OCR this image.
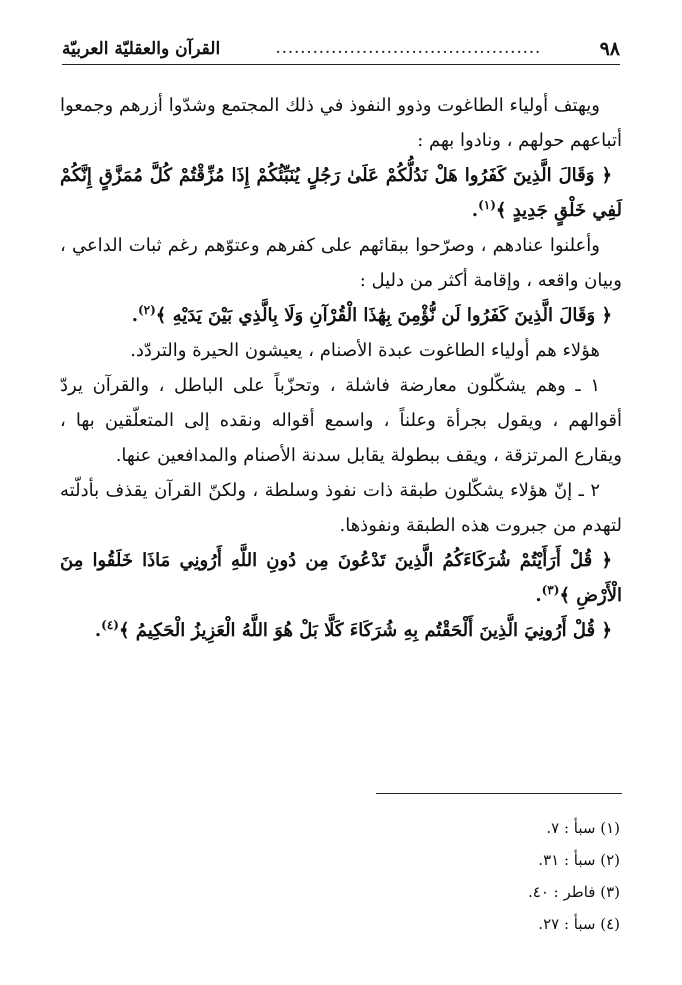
٩٨
...........................................
القرآن والعقليّة العربيّة

ويهتف أولياء الطاغوت وذوو النفوذ في ذلك المجتمع وشدّوا أزرهم وجمعوا أتباعهم حولهم ، ونادوا بهم :

﴿ وَقَالَ الَّذِينَ كَفَرُوا هَلْ نَدُلُّكُمْ عَلَىٰ رَجُلٍ يُنَبِّئُكُمْ إِذَا مُزِّقْتُمْ كُلَّ مُمَزَّقٍ إِنَّكُمْ لَفِي خَلْقٍ جَدِيدٍ ﴾$^{(١)}$.

وأعلنوا عنادهم ، وصرّحوا ببقائهم على كفرهم وعتوّهم رغم ثبات الداعي ، وبيان واقعه ، وإقامة أكثر من دليل :

﴿ وَقَالَ الَّذِينَ كَفَرُوا لَن نُّؤْمِنَ بِهَٰذَا الْقُرْآنِ وَلَا بِالَّذِي بَيْنَ يَدَيْهِ ﴾$^{(٢)}$.

هؤلاء هم أولياء الطاغوت عبدة الأصنام ، يعيشون الحيرة والتردّد.

١ ـ وهم يشكّلون معارضة فاشلة ، وتحزّباً على الباطل ، والقرآن يردّ أقوالهم ، ويقول بجرأة وعلناً ، واسمع أقواله ونقده إلى المتعلّقين بها ، ويقارع المرتزقة ، ويقف ببطولة يقابل سدنة الأصنام والمدافعين عنها.

٢ ـ إنّ هؤلاء يشكّلون طبقة ذات نفوذ وسلطة ، ولكنّ القرآن يقذف بأدلّته لتهدم من جبروت هذه الطبقة ونفوذها.

﴿ قُلْ أَرَأَيْتُمْ شُرَكَاءَكُمُ الَّذِينَ تَدْعُونَ مِن دُونِ اللَّهِ أَرُونِي مَاذَا خَلَقُوا مِنَ الْأَرْضِ ﴾$^{(٣)}$.

﴿ قُلْ أَرُونِيَ الَّذِينَ أَلْحَقْتُم بِهِ شُرَكَاءَ كَلَّا بَلْ هُوَ اللَّهُ الْعَزِيزُ الْحَكِيمُ ﴾$^{(٤)}$.

(١) سبأ : ٧.

(٢) سبأ : ٣١.

(٣) فاطر : ٤٠.

(٤) سبأ : ٢٧.
